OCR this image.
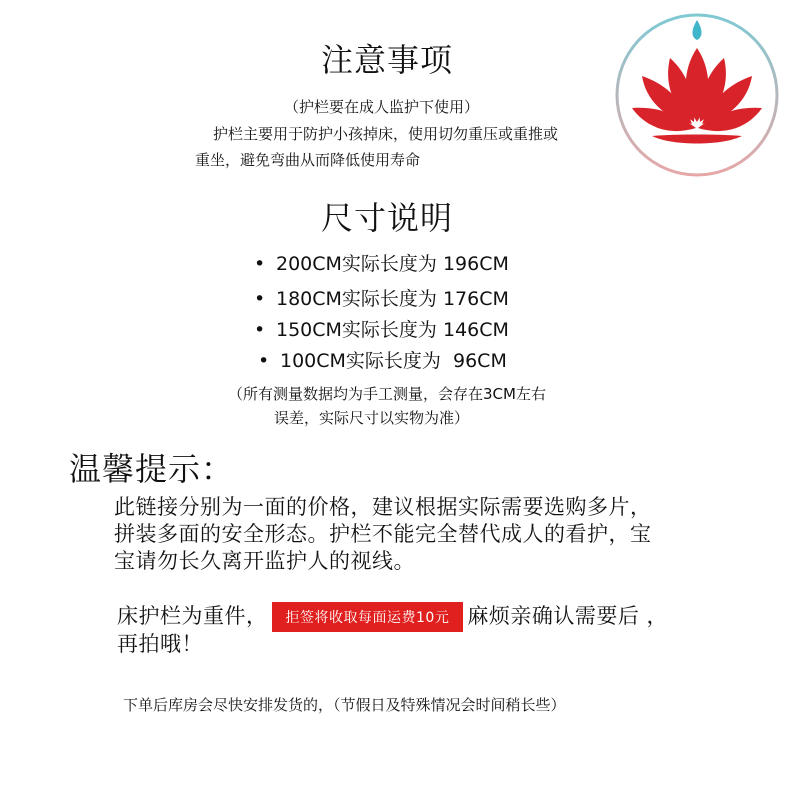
注意事项
（护栏要在成人监护下使用）
护栏主要用于防护小孩掉床，使用切勿重压或重推或
重坐，避免弯曲从而降低使用寿命
尺寸说明
• 200CM实际长度为 196CM
• 180CM实际长度为 176CM
• 150CM实际长度为 146CM
• 100CM实际长度为  96CM
（所有测量数据均为手工测量，会存在3CM左右
误差，实际尺寸以实物为准）
温馨提示：
此链接分别为一面的价格，建议根据实际需要选购多片，
拼装多面的安全形态。护栏不能完全替代成人的看护，宝
宝请勿长久离开监护人的视线。
床护栏为重件， 拒签将收取每面运费10元 麻烦亲确认需要后 ，
再拍哦！
下单后库房会尽快安排发货的，（节假日及特殊情况会时间稍长些）
